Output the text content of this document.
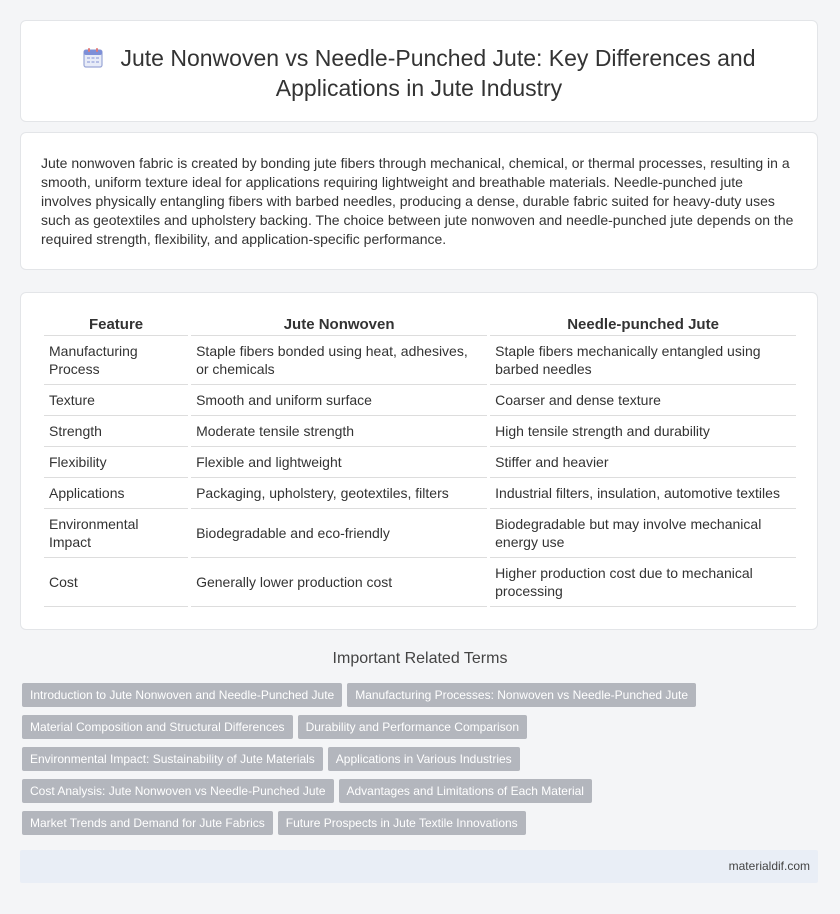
Jute Nonwoven vs Needle-Punched Jute: Key Differences and Applications in Jute Industry
Jute nonwoven fabric is created by bonding jute fibers through mechanical, chemical, or thermal processes, resulting in a smooth, uniform texture ideal for applications requiring lightweight and breathable materials. Needle-punched jute involves physically entangling fibers with barbed needles, producing a dense, durable fabric suited for heavy-duty uses such as geotextiles and upholstery backing. The choice between jute nonwoven and needle-punched jute depends on the required strength, flexibility, and application-specific performance.
Feature	Jute Nonwoven	Needle-punched Jute
Manufacturing Process	Staple fibers bonded using heat, adhesives, or chemicals	Staple fibers mechanically entangled using barbed needles
Texture	Smooth and uniform surface	Coarser and dense texture
Strength	Moderate tensile strength	High tensile strength and durability
Flexibility	Flexible and lightweight	Stiffer and heavier
Applications	Packaging, upholstery, geotextiles, filters	Industrial filters, insulation, automotive textiles
Environmental Impact	Biodegradable and eco-friendly	Biodegradable but may involve mechanical energy use
Cost	Generally lower production cost	Higher production cost due to mechanical processing
Important Related Terms
Introduction to Jute Nonwoven and Needle-Punched Jute Manufacturing Processes: Nonwoven vs Needle-Punched Jute
Material Composition and Structural Differences Durability and Performance Comparison
Environmental Impact: Sustainability of Jute Materials Applications in Various Industries
Cost Analysis: Jute Nonwoven vs Needle-Punched Jute Advantages and Limitations of Each Material
Market Trends and Demand for Jute Fabrics Future Prospects in Jute Textile Innovations
materialdif.com
